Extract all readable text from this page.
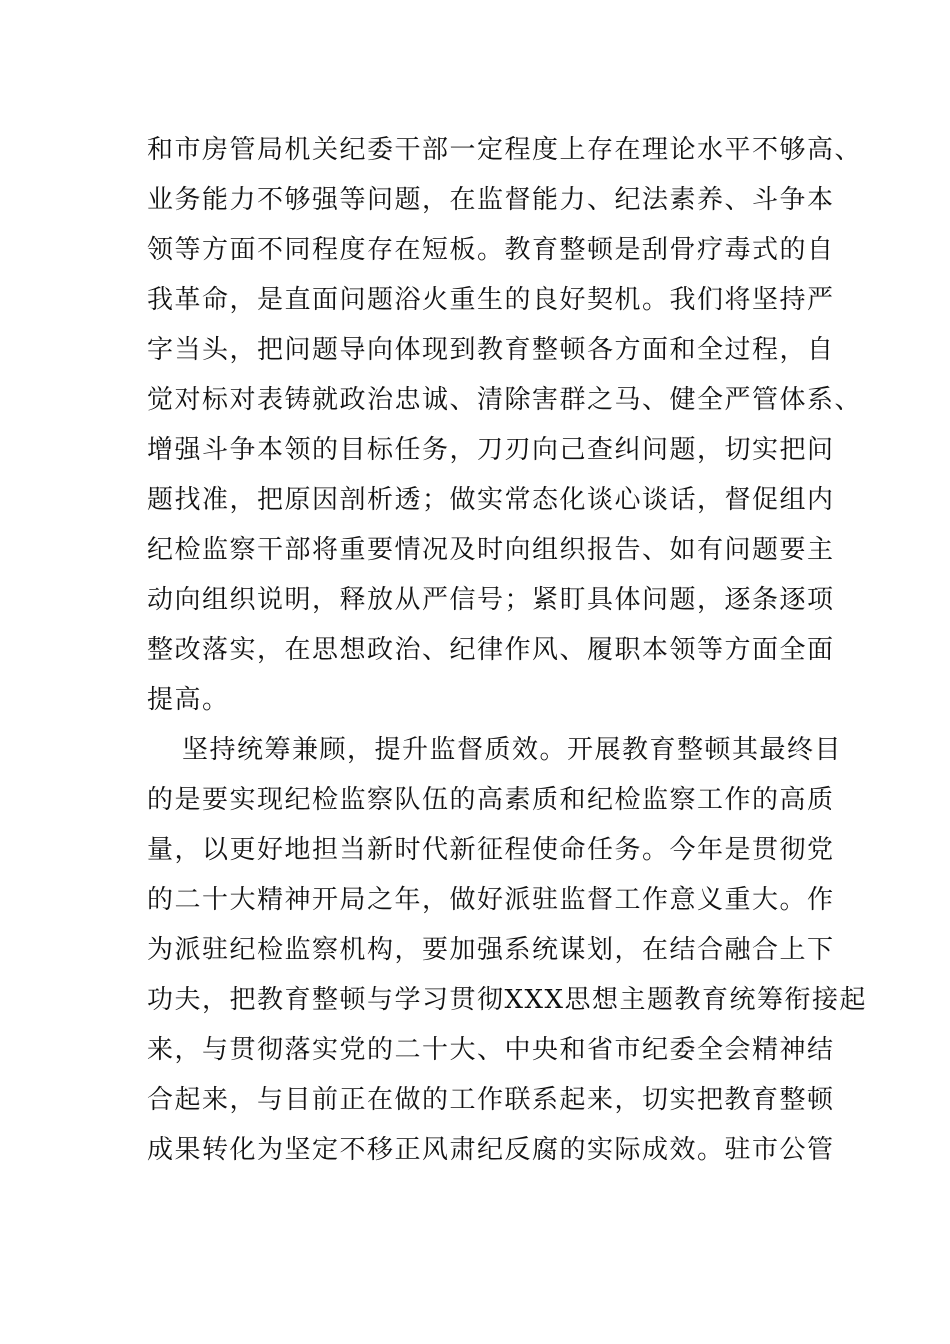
和市房管局机关纪委干部一定程度上存在理论水平不够高、
业务能力不够强等问题，在监督能力、纪法素养、斗争本
领等方面不同程度存在短板。教育整顿是刮骨疗毒式的自
我革命，是直面问题浴火重生的良好契机。我们将坚持严
字当头，把问题导向体现到教育整顿各方面和全过程，自
觉对标对表铸就政治忠诚、清除害群之马、健全严管体系、
增强斗争本领的目标任务，刀刃向己查纠问题，切实把问
题找准，把原因剖析透；做实常态化谈心谈话，督促组内
纪检监察干部将重要情况及时向组织报告、如有问题要主
动向组织说明，释放从严信号；紧盯具体问题，逐条逐项
整改落实，在思想政治、纪律作风、履职本领等方面全面
提高。
坚持统筹兼顾，提升监督质效。开展教育整顿其最终目
的是要实现纪检监察队伍的高素质和纪检监察工作的高质
量，以更好地担当新时代新征程使命任务。今年是贯彻党
的二十大精神开局之年，做好派驻监督工作意义重大。作
为派驻纪检监察机构，要加强系统谋划，在结合融合上下
功夫，把教育整顿与学习贯彻XXX思想主题教育统筹衔接起
来，与贯彻落实党的二十大、中央和省市纪委全会精神结
合起来，与目前正在做的工作联系起来，切实把教育整顿
成果转化为坚定不移正风肃纪反腐的实际成效。驻市公管
